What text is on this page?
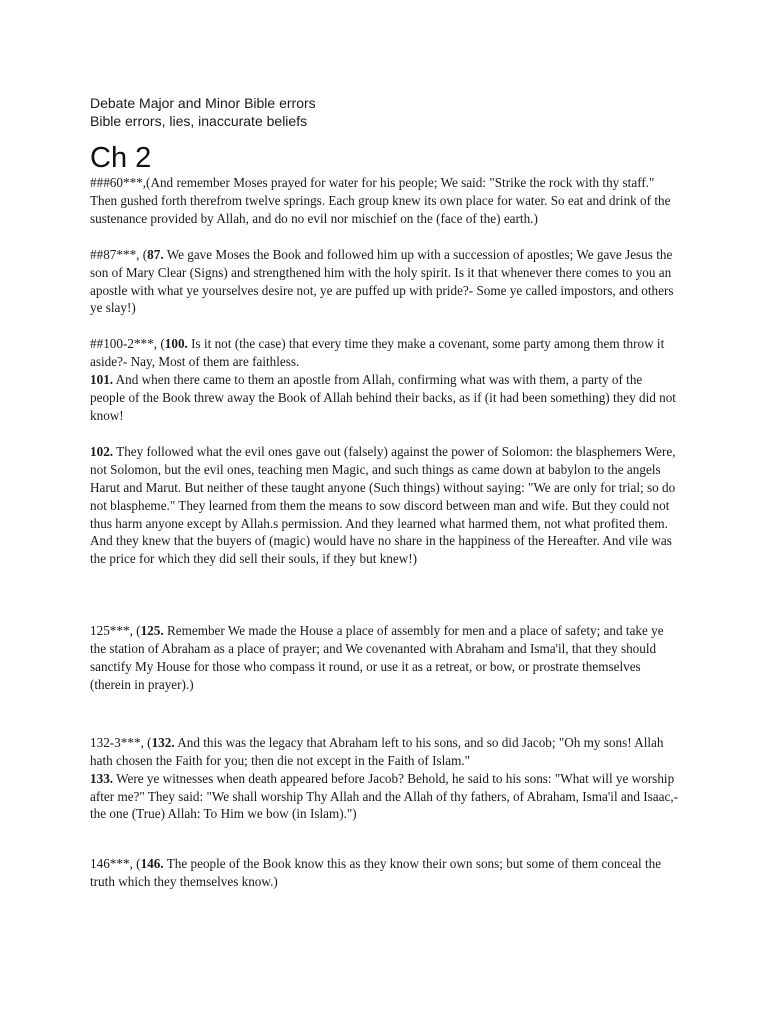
Debate Major and Minor Bible errors

Bible errors, lies, inaccurate beliefs

Ch 2

###60***,(And remember Moses prayed for water for his people; We said: "Strike the rock with thy staff." Then gushed forth therefrom twelve springs. Each group knew its own place for water. So eat and drink of the sustenance provided by Allah, and do no evil nor mischief on the (face of the) earth.)

##87***, (87. We gave Moses the Book and followed him up with a succession of apostles; We gave Jesus the son of Mary Clear (Signs) and strengthened him with the holy spirit. Is it that whenever there comes to you an apostle with what ye yourselves desire not, ye are puffed up with pride?- Some ye called impostors, and others ye slay!)

##100-2***, (100. Is it not (the case) that every time they make a covenant, some party among them throw it aside?- Nay, Most of them are faithless.

101. And when there came to them an apostle from Allah, confirming what was with them, a party of the people of the Book threw away the Book of Allah behind their backs, as if (it had been something) they did not know!

102. They followed what the evil ones gave out (falsely) against the power of Solomon: the blasphemers Were, not Solomon, but the evil ones, teaching men Magic, and such things as came down at babylon to the angels Harut and Marut. But neither of these taught anyone (Such things) without saying: "We are only for trial; so do not blaspheme." They learned from them the means to sow discord between man and wife. But they could not thus harm anyone except by Allah.s permission. And they learned what harmed them, not what profited them. And they knew that the buyers of (magic) would have no share in the happiness of the Hereafter. And vile was the price for which they did sell their souls, if they but knew!)

125***, (125. Remember We made the House a place of assembly for men and a place of safety; and take ye the station of Abraham as a place of prayer; and We covenanted with Abraham and Isma'il, that they should sanctify My House for those who compass it round, or use it as a retreat, or bow, or prostrate themselves (therein in prayer).)

132-3***, (132. And this was the legacy that Abraham left to his sons, and so did Jacob; "Oh my sons! Allah hath chosen the Faith for you; then die not except in the Faith of Islam."

133. Were ye witnesses when death appeared before Jacob? Behold, he said to his sons: "What will ye worship after me?" They said: "We shall worship Thy Allah and the Allah of thy fathers, of Abraham, Isma'il and Isaac,- the one (True) Allah: To Him we bow (in Islam).")

146***, (146. The people of the Book know this as they know their own sons; but some of them conceal the truth which they themselves know.)
